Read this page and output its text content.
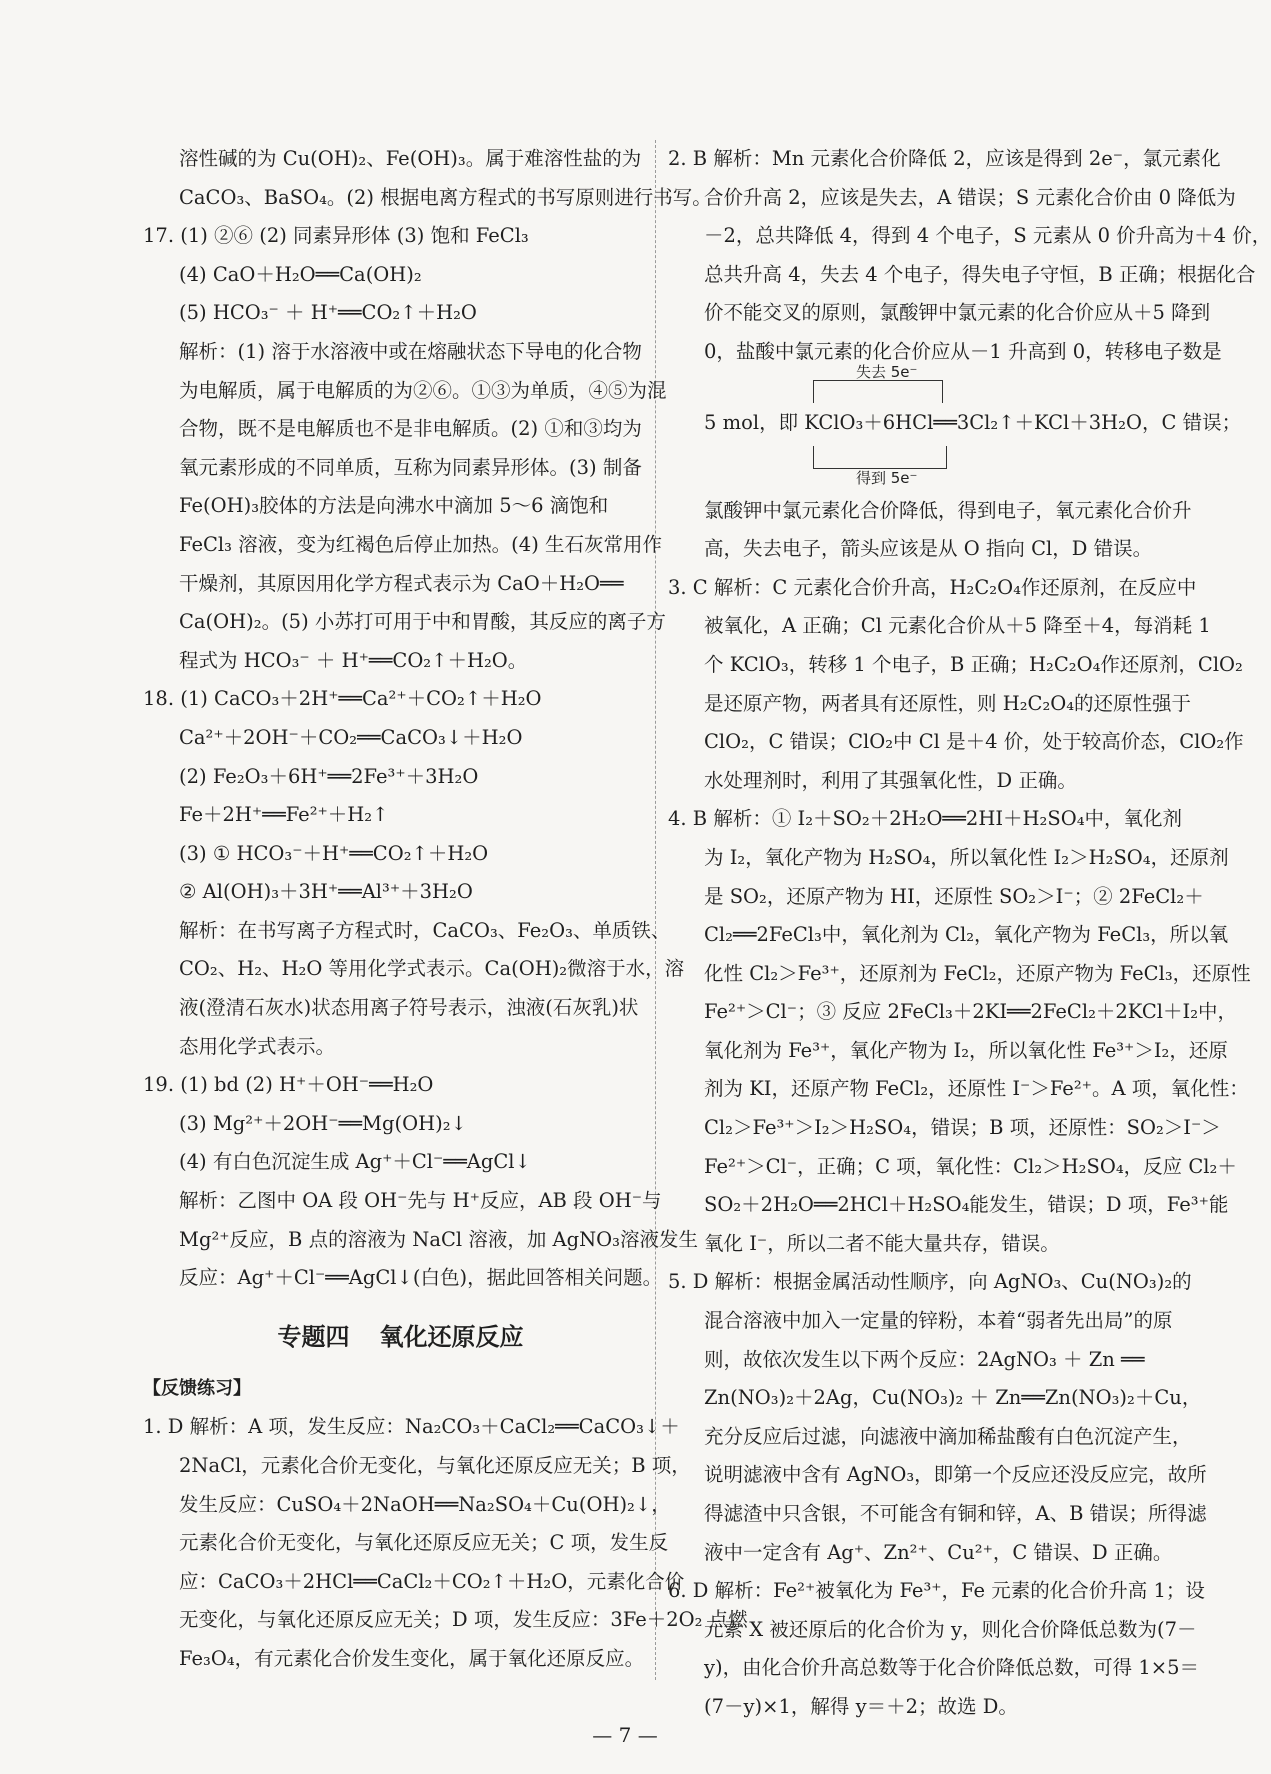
溶性碱的为 Cu(OH)₂、Fe(OH)₃。属于难溶性盐的为
CaCO₃、BaSO₄。(2) 根据电离方程式的书写原则进行书写。
17. (1) ②⑥ (2) 同素异形体 (3) 饱和 FeCl₃
(4) CaO＋H₂O══Ca(OH)₂
(5) HCO₃⁻ ＋ H⁺══CO₂↑＋H₂O
解析：(1) 溶于水溶液中或在熔融状态下导电的化合物
为电解质，属于电解质的为②⑥。①③为单质，④⑤为混
合物，既不是电解质也不是非电解质。(2) ①和③均为
氧元素形成的不同单质，互称为同素异形体。(3) 制备
Fe(OH)₃胶体的方法是向沸水中滴加 5～6 滴饱和
FeCl₃ 溶液，变为红褐色后停止加热。(4) 生石灰常用作
干燥剂，其原因用化学方程式表示为 CaO＋H₂O══
Ca(OH)₂。(5) 小苏打可用于中和胃酸，其反应的离子方
程式为 HCO₃⁻ ＋ H⁺══CO₂↑＋H₂O。
18. (1) CaCO₃＋2H⁺══Ca²⁺＋CO₂↑＋H₂O
Ca²⁺＋2OH⁻＋CO₂══CaCO₃↓＋H₂O
(2) Fe₂O₃＋6H⁺══2Fe³⁺＋3H₂O
Fe＋2H⁺══Fe²⁺＋H₂↑
(3) ① HCO₃⁻＋H⁺══CO₂↑＋H₂O
② Al(OH)₃＋3H⁺══Al³⁺＋3H₂O
解析：在书写离子方程式时，CaCO₃、Fe₂O₃、单质铁、
CO₂、H₂、H₂O 等用化学式表示。Ca(OH)₂微溶于水，溶
液(澄清石灰水)状态用离子符号表示，浊液(石灰乳)状
态用化学式表示。
19. (1) bd (2) H⁺＋OH⁻══H₂O
(3) Mg²⁺＋2OH⁻══Mg(OH)₂↓
(4) 有白色沉淀生成 Ag⁺＋Cl⁻══AgCl↓
解析：乙图中 OA 段 OH⁻先与 H⁺反应，AB 段 OH⁻与
Mg²⁺反应，B 点的溶液为 NaCl 溶液，加 AgNO₃溶液发生
反应：Ag⁺＋Cl⁻══AgCl↓(白色)，据此回答相关问题。
专题四 氧化还原反应
【反馈练习】
1. D 解析：A 项，发生反应：Na₂CO₃＋CaCl₂══CaCO₃↓＋
2NaCl，元素化合价无变化，与氧化还原反应无关；B 项，
发生反应：CuSO₄＋2NaOH══Na₂SO₄＋Cu(OH)₂↓，
元素化合价无变化，与氧化还原反应无关；C 项，发生反
应：CaCO₃＋2HCl══CaCl₂＋CO₂↑＋H₂O，元素化合价
无变化，与氧化还原反应无关；D 项，发生反应：3Fe＋2O₂ 点燃
Fe₃O₄，有元素化合价发生变化，属于氧化还原反应。
2. B 解析：Mn 元素化合价降低 2，应该是得到 2e⁻，氯元素化
合价升高 2，应该是失去，A 错误；S 元素化合价由 0 降低为
－2，总共降低 4，得到 4 个电子，S 元素从 0 价升高为＋4 价，
总共升高 4，失去 4 个电子，得失电子守恒，B 正确；根据化合
价不能交叉的原则，氯酸钾中氯元素的化合价应从＋5 降到
0，盐酸中氯元素的化合价应从－1 升高到 0，转移电子数是
失去 5e⁻
5 mol，即 KClO₃＋6HCl══3Cl₂↑＋KCl＋3H₂O，C 错误；
得到 5e⁻
氯酸钾中氯元素化合价降低，得到电子，氧元素化合价升
高，失去电子，箭头应该是从 O 指向 Cl，D 错误。
3. C 解析：C 元素化合价升高，H₂C₂O₄作还原剂，在反应中
被氧化，A 正确；Cl 元素化合价从＋5 降至＋4，每消耗 1
个 KClO₃，转移 1 个电子，B 正确；H₂C₂O₄作还原剂，ClO₂
是还原产物，两者具有还原性，则 H₂C₂O₄的还原性强于
ClO₂，C 错误；ClO₂中 Cl 是＋4 价，处于较高价态，ClO₂作
水处理剂时，利用了其强氧化性，D 正确。
4. B 解析：① I₂＋SO₂＋2H₂O══2HI＋H₂SO₄中，氧化剂
为 I₂，氧化产物为 H₂SO₄，所以氧化性 I₂＞H₂SO₄，还原剂
是 SO₂，还原产物为 HI，还原性 SO₂＞I⁻；② 2FeCl₂＋
Cl₂══2FeCl₃中，氧化剂为 Cl₂，氧化产物为 FeCl₃，所以氧
化性 Cl₂＞Fe³⁺，还原剂为 FeCl₂，还原产物为 FeCl₃，还原性
Fe²⁺＞Cl⁻；③ 反应 2FeCl₃＋2KI══2FeCl₂＋2KCl＋I₂中，
氧化剂为 Fe³⁺，氧化产物为 I₂，所以氧化性 Fe³⁺＞I₂，还原
剂为 KI，还原产物 FeCl₂，还原性 I⁻＞Fe²⁺。A 项，氧化性：
Cl₂＞Fe³⁺＞I₂＞H₂SO₄，错误；B 项，还原性：SO₂＞I⁻＞
Fe²⁺＞Cl⁻，正确；C 项，氧化性：Cl₂＞H₂SO₄，反应 Cl₂＋
SO₂＋2H₂O══2HCl＋H₂SO₄能发生，错误；D 项，Fe³⁺能
氧化 I⁻，所以二者不能大量共存，错误。
5. D 解析：根据金属活动性顺序，向 AgNO₃、Cu(NO₃)₂的
混合溶液中加入一定量的锌粉，本着“弱者先出局”的原
则，故依次发生以下两个反应：2AgNO₃ ＋ Zn ══
Zn(NO₃)₂＋2Ag，Cu(NO₃)₂ ＋ Zn══Zn(NO₃)₂＋Cu，
充分反应后过滤，向滤液中滴加稀盐酸有白色沉淀产生，
说明滤液中含有 AgNO₃，即第一个反应还没反应完，故所
得滤渣中只含银，不可能含有铜和锌，A、B 错误；所得滤
液中一定含有 Ag⁺、Zn²⁺、Cu²⁺，C 错误、D 正确。
6. D 解析：Fe²⁺被氧化为 Fe³⁺，Fe 元素的化合价升高 1；设
元素 X 被还原后的化合价为 y，则化合价降低总数为(7－
y)，由化合价升高总数等于化合价降低总数，可得 1×5＝
(7－y)×1，解得 y＝＋2；故选 D。
— 7 —
